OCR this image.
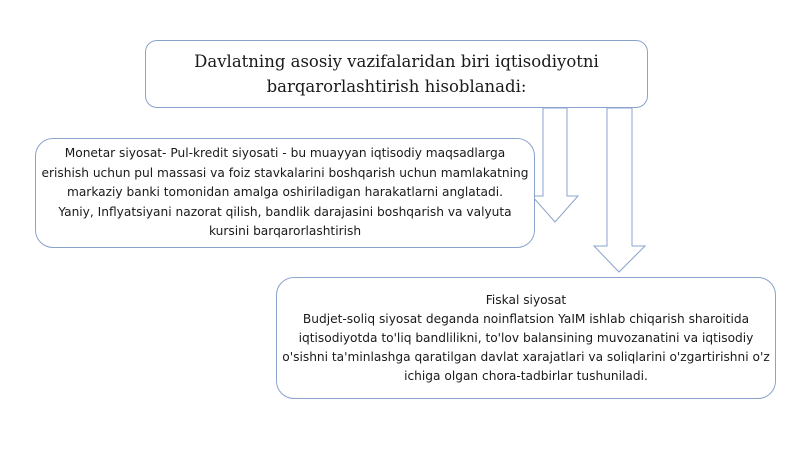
Davlatning asosiy vazifalaridan biri iqtisodiyotni
barqarorlashtirish hisoblanadi:
Monetar siyosat- Pul-kredit siyosati - bu muayyan iqtisodiy maqsadlarga
erishish uchun pul massasi va foiz stavkalarini boshqarish uchun mamlakatning
markaziy banki tomonidan amalga oshiriladigan harakatlarni anglatadi.
Yaniy, Inflyatsiyani nazorat qilish, bandlik darajasini boshqarish va valyuta
kursini barqarorlashtirish
Fiskal siyosat
Budjet-soliq siyosat deganda noinflatsion YaIM ishlab chiqarish sharoitida
iqtisodiyotda to'liq bandlilikni, to'lov balansining muvozanatini va iqtisodiy
o'sishni ta'minlashga qaratilgan davlat xarajatlari va soliqlarini o'zgartirishni o'z
ichiga olgan chora-tadbirlar tushuniladi.
